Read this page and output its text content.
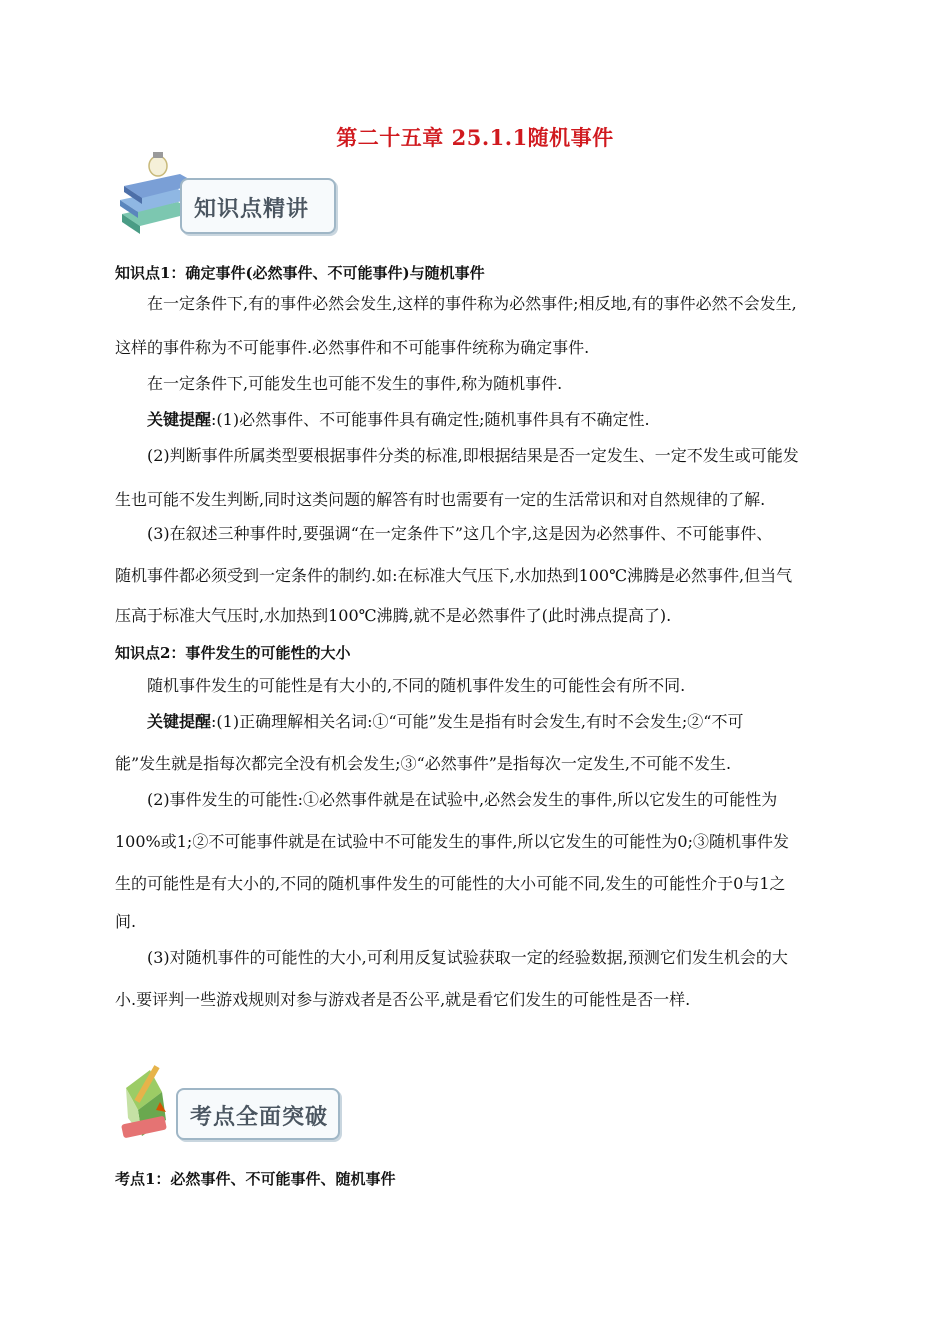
第二十五章 25.1.1随机事件
知识点精讲
知识点1：确定事件(必然事件、不可能事件)与随机事件
在一定条件下,有的事件必然会发生,这样的事件称为必然事件;相反地,有的事件必然不会发生,
这样的事件称为不可能事件.必然事件和不可能事件统称为确定事件.
在一定条件下,可能发生也可能不发生的事件,称为随机事件.
关键提醒:(1)必然事件、不可能事件具有确定性;随机事件具有不确定性.
(2)判断事件所属类型要根据事件分类的标准,即根据结果是否一定发生、一定不发生或可能发
生也可能不发生判断,同时这类问题的解答有时也需要有一定的生活常识和对自然规律的了解.
(3)在叙述三种事件时,要强调“在一定条件下”这几个字,这是因为必然事件、不可能事件、
随机事件都必须受到一定条件的制约.如:在标准大气压下,水加热到100℃沸腾是必然事件,但当气
压高于标准大气压时,水加热到100℃沸腾,就不是必然事件了(此时沸点提高了).
知识点2：事件发生的可能性的大小
随机事件发生的可能性是有大小的,不同的随机事件发生的可能性会有所不同.
关键提醒:(1)正确理解相关名词:①“可能”发生是指有时会发生,有时不会发生;②“不可
能”发生就是指每次都完全没有机会发生;③“必然事件”是指每次一定发生,不可能不发生.
(2)事件发生的可能性:①必然事件就是在试验中,必然会发生的事件,所以它发生的可能性为
100%或1;②不可能事件就是在试验中不可能发生的事件,所以它发生的可能性为0;③随机事件发
生的可能性是有大小的,不同的随机事件发生的可能性的大小可能不同,发生的可能性介于0与1之
间.
(3)对随机事件的可能性的大小,可利用反复试验获取一定的经验数据,预测它们发生机会的大
小.要评判一些游戏规则对参与游戏者是否公平,就是看它们发生的可能性是否一样.
考点全面突破
考点1：必然事件、不可能事件、随机事件
